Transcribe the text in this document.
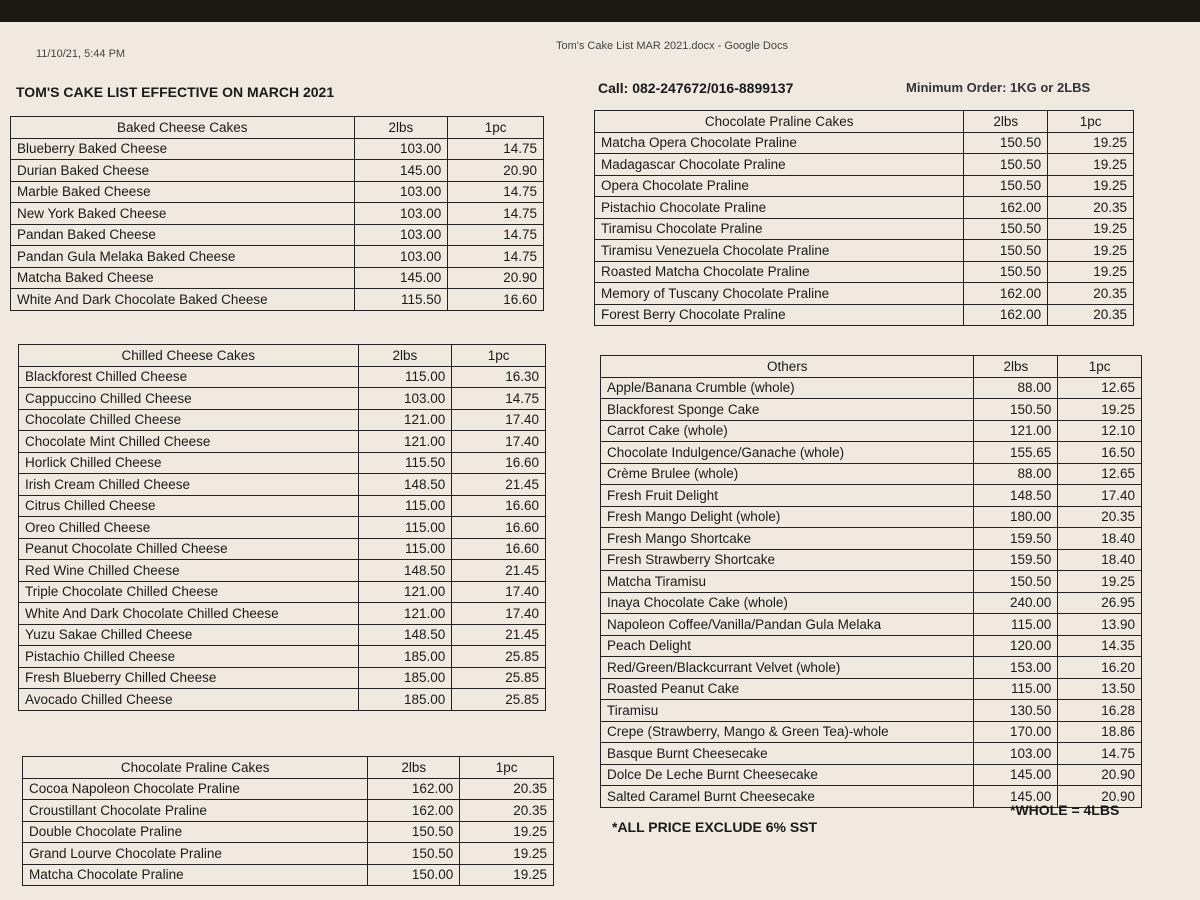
11/10/21, 5:44 PM
Tom's Cake List MAR 2021.docx - Google Docs
TOM'S CAKE LIST EFFECTIVE ON MARCH 2021	Call: 082-247672/016-8899137	Minimum Order: 1KG or 2LBS
Baked Cheese Cakes	2lbs	1pc
Blueberry Baked Cheese	103.00	14.75
Durian Baked Cheese	145.00	20.90
Marble Baked Cheese	103.00	14.75
New York Baked Cheese	103.00	14.75
Pandan Baked Cheese	103.00	14.75
Pandan Gula Melaka Baked Cheese	103.00	14.75
Matcha Baked Cheese	145.00	20.90
White And Dark Chocolate Baked Cheese	115.50	16.60
Chilled Cheese Cakes	2lbs	1pc
Blackforest Chilled Cheese	115.00	16.30
Cappuccino Chilled Cheese	103.00	14.75
Chocolate Chilled Cheese	121.00	17.40
Chocolate Mint Chilled Cheese	121.00	17.40
Horlick Chilled Cheese	115.50	16.60
Irish Cream Chilled Cheese	148.50	21.45
Citrus Chilled Cheese	115.00	16.60
Oreo Chilled Cheese	115.00	16.60
Peanut Chocolate Chilled Cheese	115.00	16.60
Red Wine Chilled Cheese	148.50	21.45
Triple Chocolate Chilled Cheese	121.00	17.40
White And Dark Chocolate Chilled Cheese	121.00	17.40
Yuzu Sakae Chilled Cheese	148.50	21.45
Pistachio Chilled Cheese	185.00	25.85
Fresh Blueberry Chilled Cheese	185.00	25.85
Avocado Chilled Cheese	185.00	25.85
Chocolate Praline Cakes	2lbs	1pc
Cocoa Napoleon Chocolate Praline	162.00	20.35
Croustillant Chocolate Praline	162.00	20.35
Double Chocolate Praline	150.50	19.25
Grand Lourve Chocolate Praline	150.50	19.25
Matcha Chocolate Praline	150.00	19.25
Chocolate Praline Cakes	2lbs	1pc
Matcha Opera Chocolate Praline	150.50	19.25
Madagascar Chocolate Praline	150.50	19.25
Opera Chocolate Praline	150.50	19.25
Pistachio Chocolate Praline	162.00	20.35
Tiramisu Chocolate Praline	150.50	19.25
Tiramisu Venezuela Chocolate Praline	150.50	19.25
Roasted Matcha Chocolate Praline	150.50	19.25
Memory of Tuscany Chocolate Praline	162.00	20.35
Forest Berry Chocolate Praline	162.00	20.35
Others	2lbs	1pc
Apple/Banana Crumble (whole)	88.00	12.65
Blackforest Sponge Cake	150.50	19.25
Carrot Cake (whole)	121.00	12.10
Chocolate Indulgence/Ganache (whole)	155.65	16.50
Crème Brulee (whole)	88.00	12.65
Fresh Fruit Delight	148.50	17.40
Fresh Mango Delight (whole)	180.00	20.35
Fresh Mango Shortcake	159.50	18.40
Fresh Strawberry Shortcake	159.50	18.40
Matcha Tiramisu	150.50	19.25
Inaya Chocolate Cake (whole)	240.00	26.95
Napoleon Coffee/Vanilla/Pandan Gula Melaka	115.00	13.90
Peach Delight	120.00	14.35
Red/Green/Blackcurrant Velvet (whole)	153.00	16.20
Roasted Peanut Cake	115.00	13.50
Tiramisu	130.50	16.28
Crepe (Strawberry, Mango & Green Tea)-whole	170.00	18.86
Basque Burnt Cheesecake	103.00	14.75
Dolce De Leche Burnt Cheesecake	145.00	20.90
Salted Caramel Burnt Cheesecake	145.00	20.90
*ALL PRICE EXCLUDE 6% SST
*WHOLE = 4LBS
